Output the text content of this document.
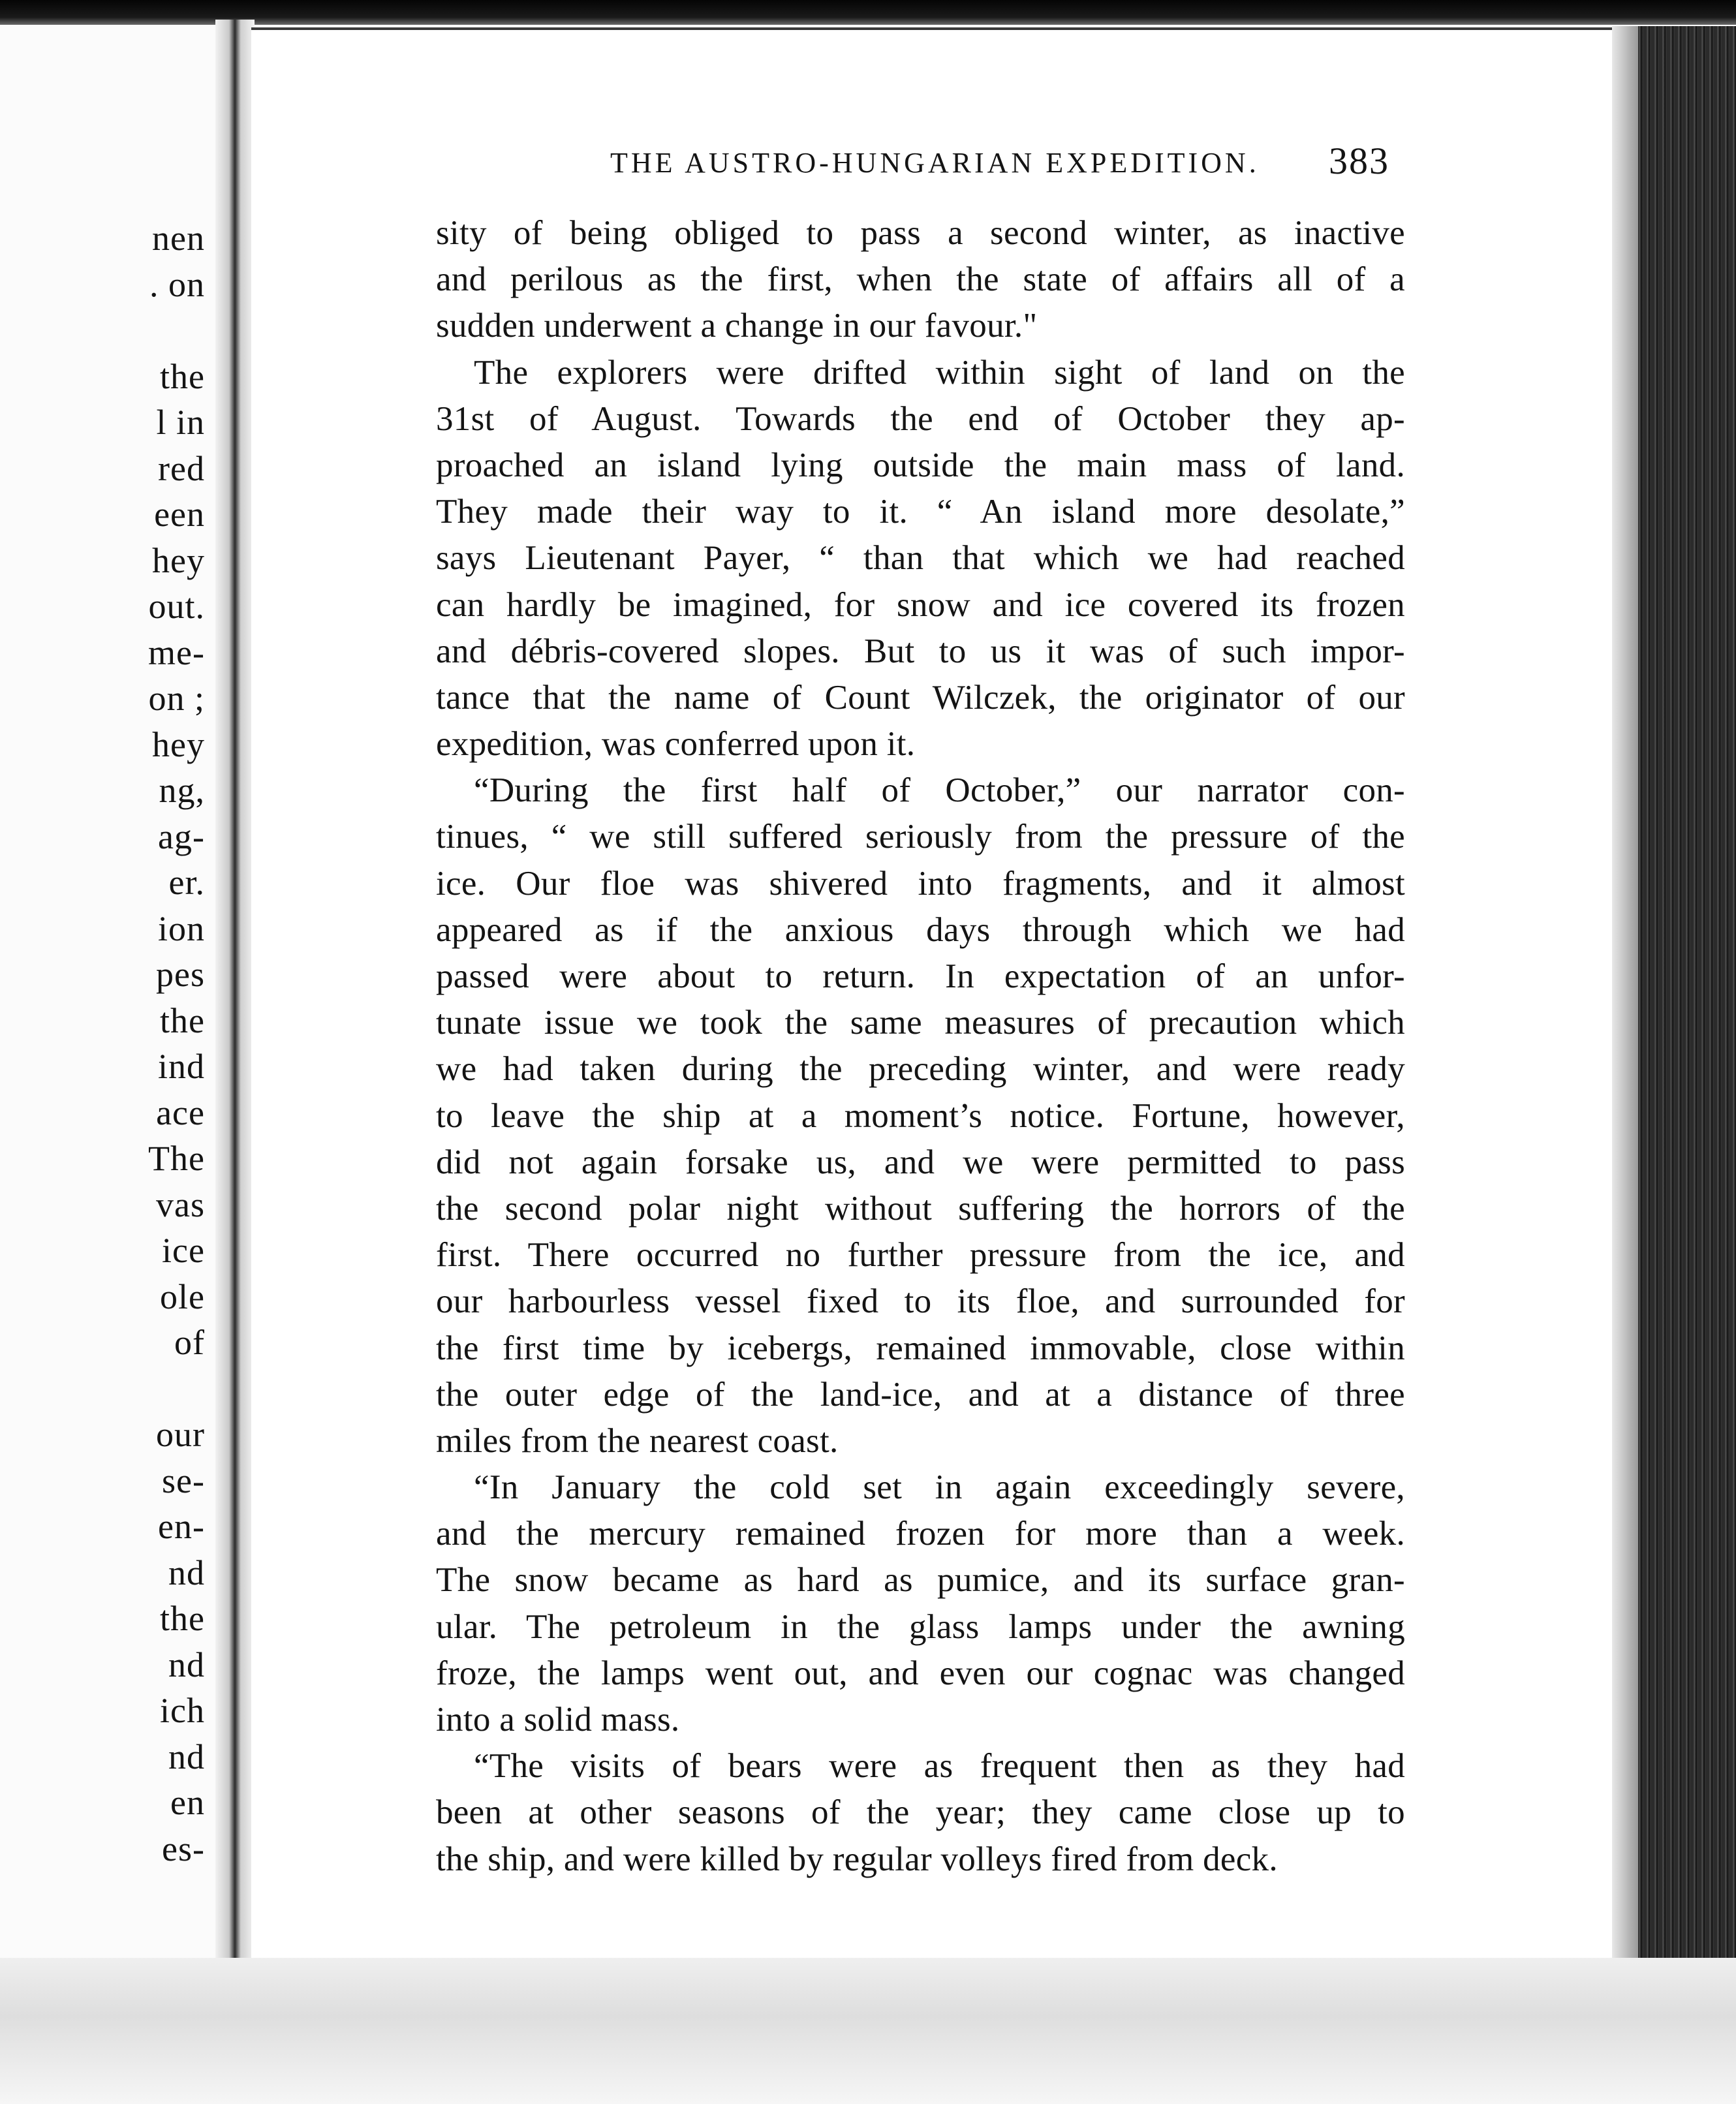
nen
. on
the
l in
red
een
hey
out.
me-
on ;
hey
ng,
ag-
er.
ion
pes
the
ind
ace
The
vas
ice
ole
of
our
se-
en-
nd
the
nd
ich
nd
en
es-
THE AUSTRO-HUNGARIAN EXPEDITION. 383
sity of being obliged to pass a second winter, as inactive
and perilous as the first, when the state of affairs all of a
sudden underwent a change in our favour."
The explorers were drifted within sight of land on the
31st of August. Towards the end of October they ap-
proached an island lying outside the main mass of land.
They made their way to it. “ An island more desolate,”
says Lieutenant Payer, “ than that which we had reached
can hardly be imagined, for snow and ice covered its frozen
and débris-covered slopes. But to us it was of such impor-
tance that the name of Count Wilczek, the originator of our
expedition, was conferred upon it.
“During the first half of October,” our narrator con-
tinues, “ we still suffered seriously from the pressure of the
ice. Our floe was shivered into fragments, and it almost
appeared as if the anxious days through which we had
passed were about to return. In expectation of an unfor-
tunate issue we took the same measures of precaution which
we had taken during the preceding winter, and were ready
to leave the ship at a moment’s notice. Fortune, however,
did not again forsake us, and we were permitted to pass
the second polar night without suffering the horrors of the
first. There occurred no further pressure from the ice, and
our harbourless vessel fixed to its floe, and surrounded for
the first time by icebergs, remained immovable, close within
the outer edge of the land-ice, and at a distance of three
miles from the nearest coast.
“In January the cold set in again exceedingly severe,
and the mercury remained frozen for more than a week.
The snow became as hard as pumice, and its surface gran-
ular. The petroleum in the glass lamps under the awning
froze, the lamps went out, and even our cognac was changed
into a solid mass.
“The visits of bears were as frequent then as they had
been at other seasons of the year; they came close up to
the ship, and were killed by regular volleys fired from deck.
